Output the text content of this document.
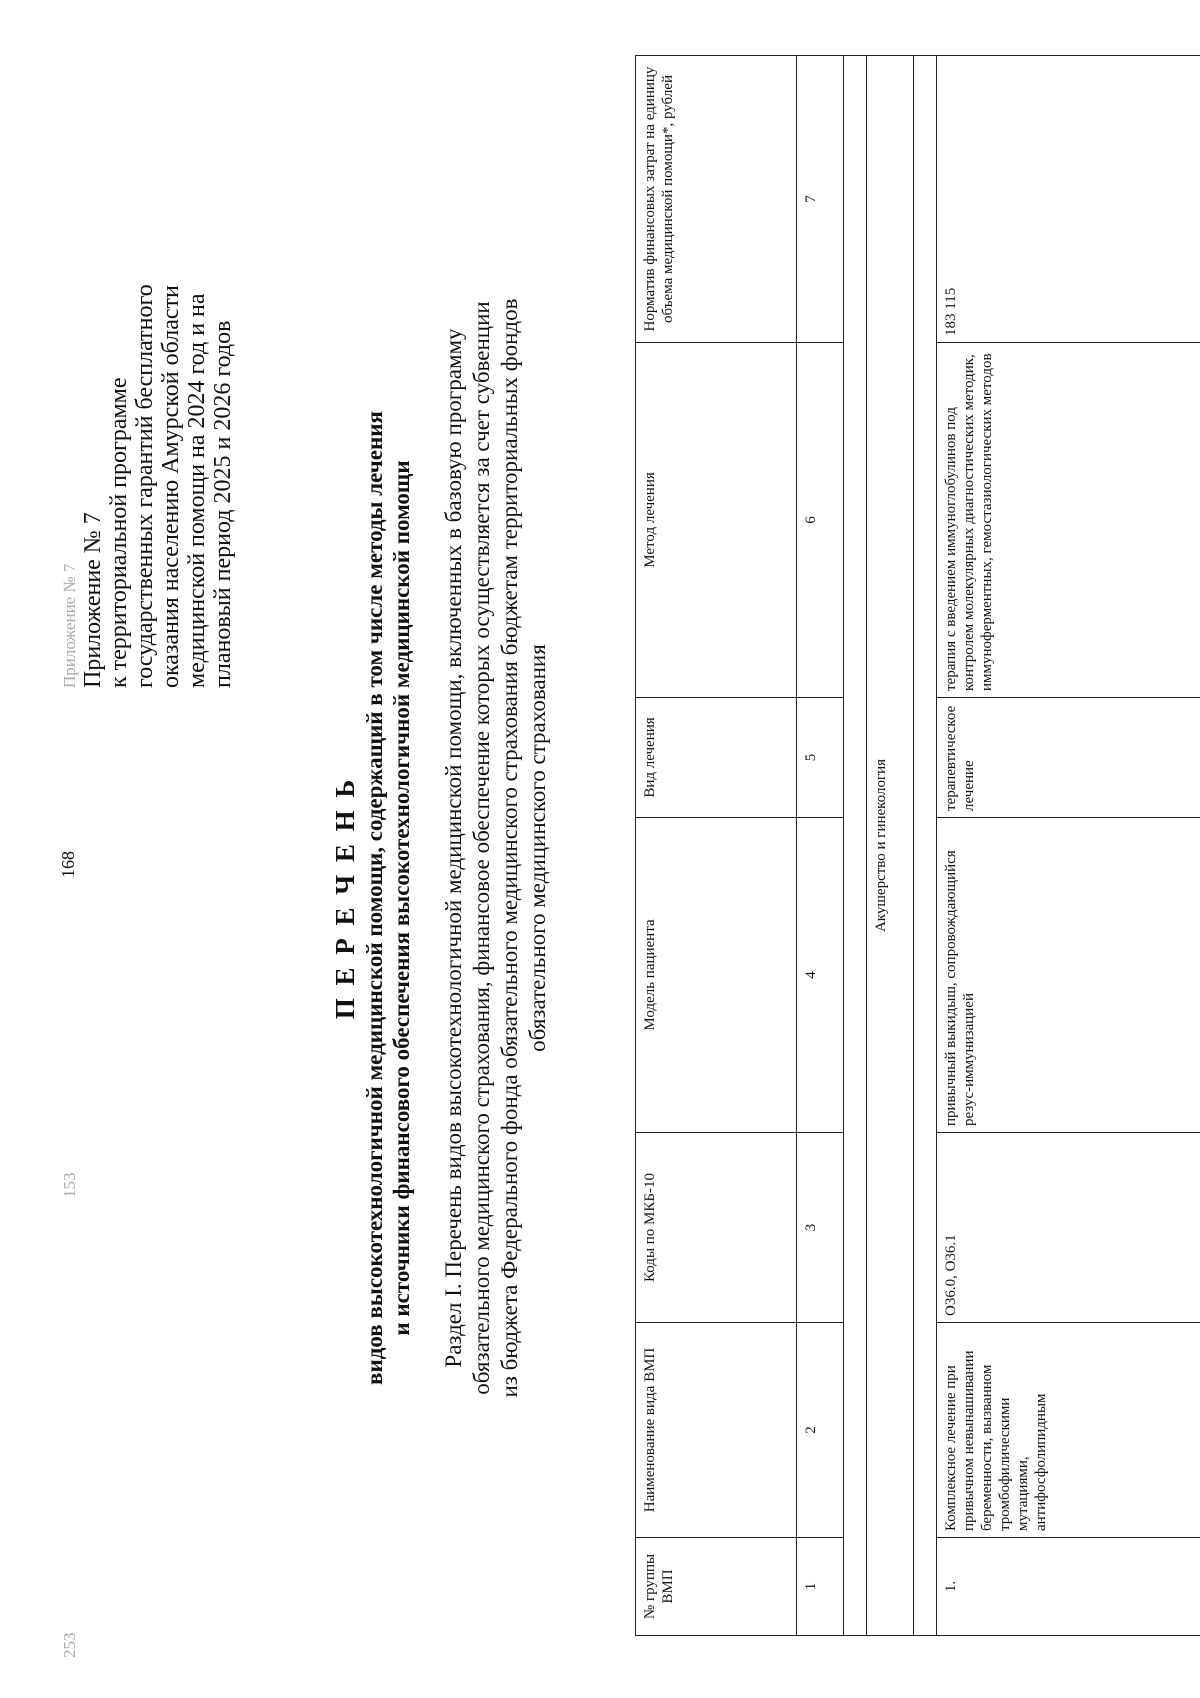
253
153
Приложение № 7
168
Приложение № 7 к территориальной программе государственных гарантий бесплатного оказания населению Амурской области медицинской помощи на 2024 год и на плановый период 2025 и 2026 годов
П Е Р Е Ч Е Н Ь видов высокотехнологичной медицинской помощи, содержащий в том числе методы лечения и источники финансового обеспечения высокотехнологичной медицинской помощи Раздел I. Перечень видов высокотехнологичной медицинской помощи, включенных в базовую программу обязательного медицинского страхования, финансовое обеспечение которых осуществляется за счет субвенции из бюджета Федерального фонда обязательного медицинского страхования бюджетам территориальных фондов обязательного медицинского страхования
№ группы ВМП	Наименование вида ВМП	Коды по МКБ-10	Модель пациента	Вид лечения	Метод лечения	Норматив финансовых затрат на единицу объема медицинской помощи*, рублей
1	2	3	4	5	6	7

Акушерство и гинекология						

1.	Комплексное лечение при привычном невынашивании беременности, вызванном тромбофилическими мутациями, антифосфолипидным	O36.0, O36.1	привычный выкидыш, сопровождающийся резус-иммунизацией	терапевтическое лечение	терапия с введением иммуноглобулинов под контролем молекулярных диагностических методик, иммуноферментных, гемостазиологических методов	183 115
